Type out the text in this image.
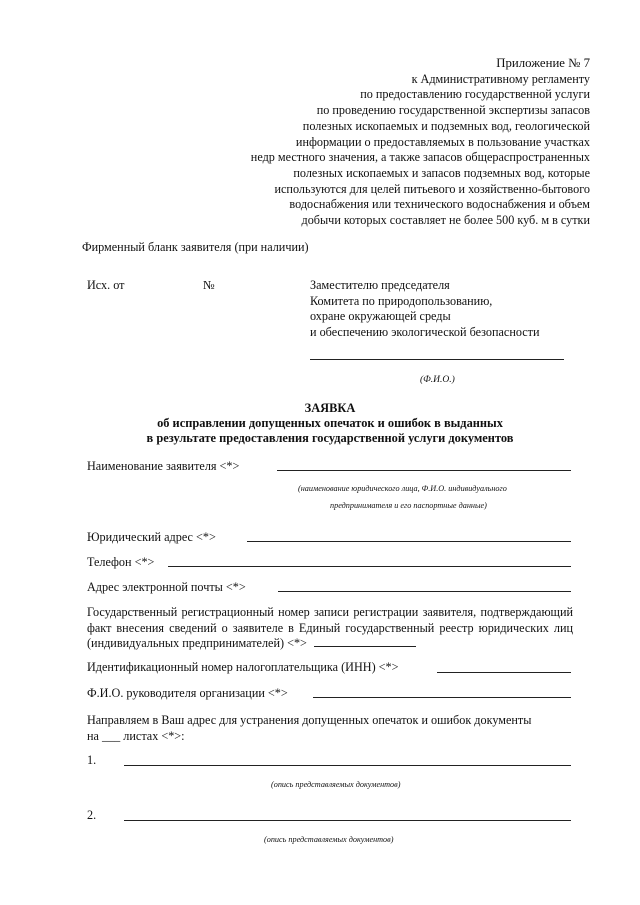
Приложение № 7
к Административному регламенту
по предоставлению государственной услуги
по проведению государственной экспертизы запасов
полезных ископаемых и подземных вод, геологической
информации о предоставляемых в пользование участках
недр местного значения, а также запасов общераспространенных
полезных ископаемых и запасов подземных вод, которые
используются для целей питьевого и хозяйственно-бытового
водоснабжения или технического водоснабжения и объем
добычи которых составляет не более 500 куб. м в сутки
Фирменный бланк заявителя (при наличии)
Исх. от	№	Заместителю председателя
Комитета по природопользованию,
охране окружающей среды
и обеспечению экологической безопасности
(Ф.И.О.)
ЗАЯВКА
об исправлении допущенных опечаток и ошибок в выданных
в результате предоставления государственной услуги документов
Наименование заявителя <*>
(наименование юридического лица, Ф.И.О. индивидуального
предпринимателя и его паспортные данные)
Юридический адрес <*>
Телефон <*>
Адрес электронной почты <*>
Государственный регистрационный номер записи регистрации заявителя, подтверждающий факт внесения сведений о заявителе в Единый государственный реестр юридических лиц (индивидуальных предпринимателей) <*>
Идентификационный номер налогоплательщика (ИНН) <*>
Ф.И.О. руководителя организации <*>
Направляем в Ваш адрес для устранения допущенных опечаток и ошибок документы
на ___ листах <*>:
1.
(опись представляемых документов)
2.
(опись представляемых документов)
